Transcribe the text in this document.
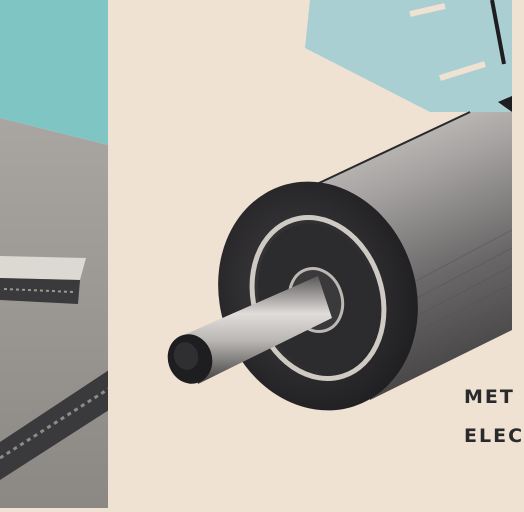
MET
ELEC
